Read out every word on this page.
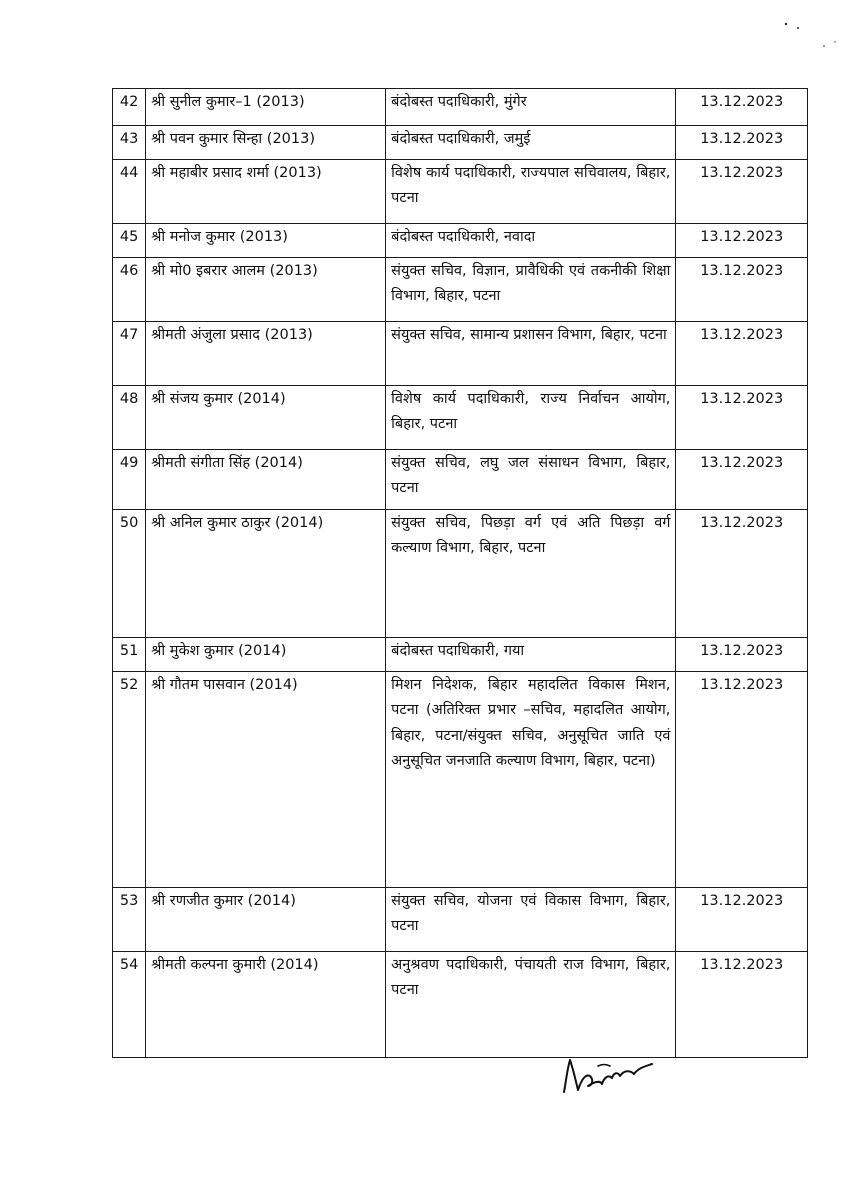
42	श्री सुनील कुमार–1 (2013)	बंदोबस्त पदाधिकारी, मुंगेर	13.12.2023
43	श्री पवन कुमार सिन्हा (2013)	बंदोबस्त पदाधिकारी, जमुई	13.12.2023
44	श्री महाबीर प्रसाद शर्मा (2013)	विशेष कार्य पदाधिकारी, राज्यपाल सचिवालय, बिहार, पटना	13.12.2023
45	श्री मनोज कुमार (2013)	बंदोबस्त पदाधिकारी, नवादा	13.12.2023
46	श्री मो0 इबरार आलम (2013)	संयुक्त सचिव, विज्ञान, प्रावैधिकी एवं तकनीकी शिक्षा विभाग, बिहार, पटना	13.12.2023
47	श्रीमती अंजुला प्रसाद (2013)	संयुक्त सचिव, सामान्य प्रशासन विभाग, बिहार, पटना	13.12.2023
48	श्री संजय कुमार (2014)	विशेष कार्य पदाधिकारी, राज्य निर्वाचन आयोग, बिहार, पटना	13.12.2023
49	श्रीमती संगीता सिंह (2014)	संयुक्त सचिव, लघु जल संसाधन विभाग, बिहार, पटना	13.12.2023
50	श्री अनिल कुमार ठाकुर (2014)	संयुक्त सचिव, पिछड़ा वर्ग एवं अति पिछड़ा वर्ग कल्याण विभाग, बिहार, पटना	13.12.2023
51	श्री मुकेश कुमार (2014)	बंदोबस्त पदाधिकारी, गया	13.12.2023
52	श्री गौतम पासवान (2014)	मिशन निदेशक, बिहार महादलित विकास मिशन, पटना (अतिरिक्त प्रभार –सचिव, महादलित आयोग, बिहार, पटना/संयुक्त सचिव, अनुसूचित जाति एवं अनुसूचित जनजाति कल्याण विभाग, बिहार, पटना)	13.12.2023
53	श्री रणजीत कुमार (2014)	संयुक्त सचिव, योजना एवं विकास विभाग, बिहार, पटना	13.12.2023
54	श्रीमती कल्पना कुमारी (2014)	अनुश्रवण पदाधिकारी, पंचायती राज विभाग, बिहार, पटना	13.12.2023
